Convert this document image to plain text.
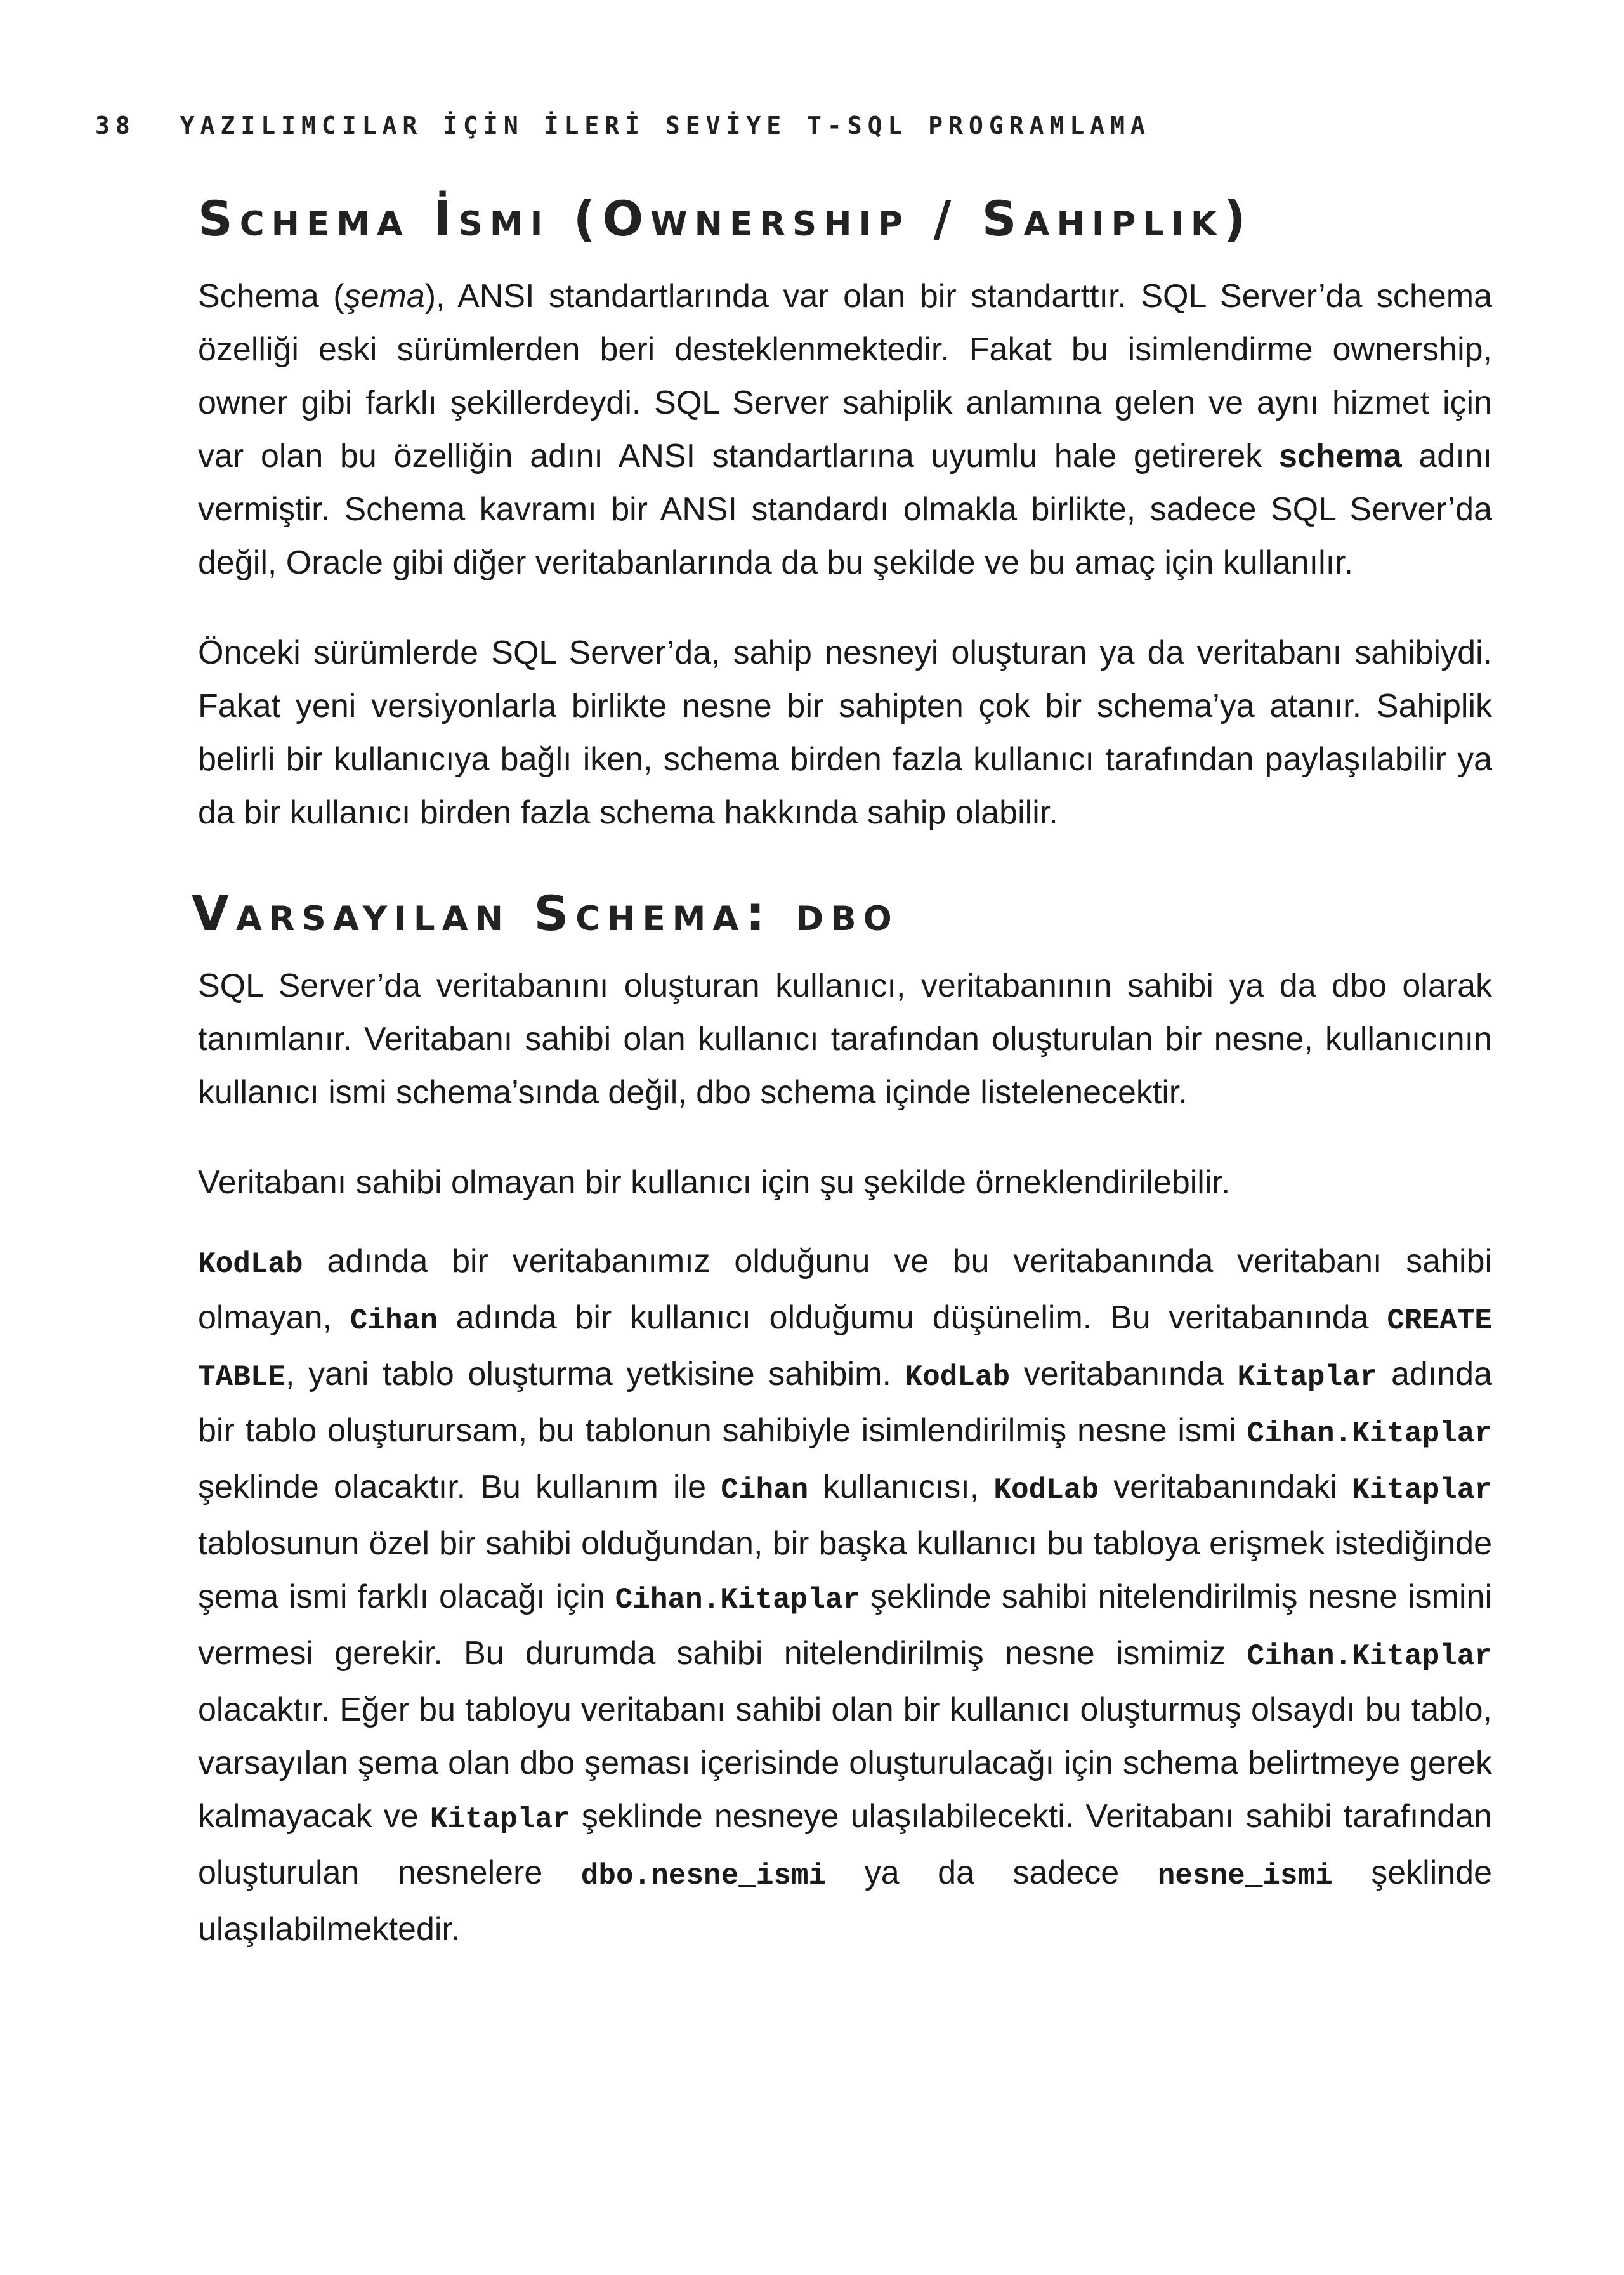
38 YAZILIMCILAR İÇİN İLERİ SEVİYE T-SQL PROGRAMLAMA
Schema İsmi (Ownership / Sahiplik)

Schema (şema), ANSI standartlarında var olan bir standarttır. SQL Server’da schema özelliği eski sürümlerden beri desteklenmektedir. Fakat bu isimlendirme ownership, owner gibi farklı şekillerdeydi. SQL Server sahiplik anlamına gelen ve aynı hizmet için var olan bu özelliğin adını ANSI standartlarına uyumlu hale getirerek schema adını vermiştir. Schema kavramı bir ANSI standardı olmakla birlikte, sadece SQL Server’da değil, Oracle gibi diğer veritabanlarında da bu şekilde ve bu amaç için kullanılır.

Önceki sürümlerde SQL Server’da, sahip nesneyi oluşturan ya da veritabanı sahibiydi. Fakat yeni versiyonlarla birlikte nesne bir sahipten çok bir schema’ya atanır. Sahiplik belirli bir kullanıcıya bağlı iken, schema birden fazla kullanıcı tarafından paylaşılabilir ya da bir kullanıcı birden fazla schema hakkında sahip olabilir.

Varsayılan Schema: dbo

SQL Server’da veritabanını oluşturan kullanıcı, veritabanının sahibi ya da dbo olarak tanımlanır. Veritabanı sahibi olan kullanıcı tarafından oluşturulan bir nesne, kullanıcının kullanıcı ismi schema’sında değil, dbo schema içinde listelenecektir.

Veritabanı sahibi olmayan bir kullanıcı için şu şekilde örneklendirilebilir.

KodLab adında bir veritabanımız olduğunu ve bu veritabanında veritabanı sahibi olmayan, Cihan adında bir kullanıcı olduğumu düşünelim. Bu veritabanında CREATE TABLE, yani tablo oluşturma yetkisine sahibim. KodLab veritabanında Kitaplar adında bir tablo oluşturursam, bu tablonun sahibiyle isimlendirilmiş nesne ismi Cihan.Kitaplar şeklinde olacaktır. Bu kullanım ile Cihan kullanıcısı, KodLab veritabanındaki Kitaplar tablosunun özel bir sahibi olduğundan, bir başka kullanıcı bu tabloya erişmek istediğinde şema ismi farklı olacağı için Cihan.Kitaplar şeklinde sahibi nitelendirilmiş nesne ismini vermesi gerekir. Bu durumda sahibi nitelendirilmiş nesne ismimiz Cihan.Kitaplar olacaktır. Eğer bu tabloyu veritabanı sahibi olan bir kullanıcı oluşturmuş olsaydı bu tablo, varsayılan şema olan dbo şeması içerisinde oluşturulacağı için schema belirtmeye gerek kalmayacak ve Kitaplar şeklinde nesneye ulaşılabilecekti. Veritabanı sahibi tarafından oluşturulan nesnelere dbo.nesne_ismi ya da sadece nesne_ismi şeklinde ulaşılabilmektedir.
